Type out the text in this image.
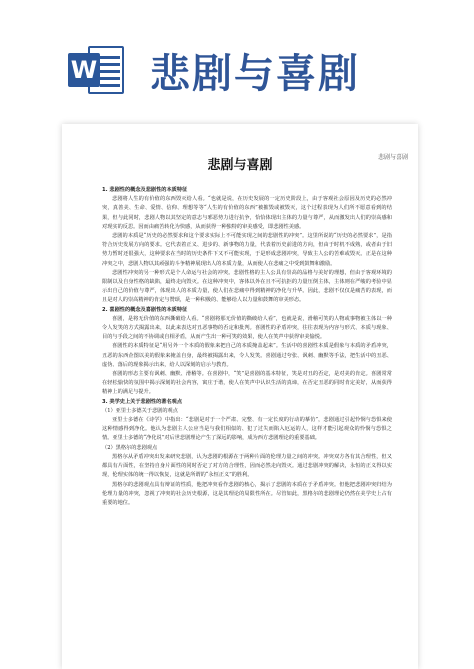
W 悲剧与喜剧
悲剧与喜剧
悲剧与喜剧

1. 悲剧性的概念及悲剧性的本质特征

悲剧将人生的有价值的东西毁灭给人看。“也就是说，在历史发展的一定历史阶段上，由于客观社会原因及历史的必然冲突，真善美、生命、爱情、信仰、理想等等“人生的有价值的东西”被摧毁或被毁灭，这个过程表现为人们所不愿意看到的结果，但与此同时，悲剧人物以其坚定的意志与邪恶势力进行抗争，恰恰体现出主体的力量与尊严，从而激发出人们的崇高感和对现实的反思。因而由痛苦转化为快感，从而获得一种独特的审美感受，即悲剧性美感。

悲剧的本质是“历史的必然要求和这个要求实际上不可能实现之间的悲剧性的冲突”。这里所说的“历史的必然要求”，是指符合历史发展方向的要求。它代表着正义、进步的、新事物的力量，代表着历史前进的方向，但由于时机不成熟，或者由于旧势力暂时还很强大，这种要求在当时的历史条件下又不可能实现，于是形成悲剧冲突，导致主人公的苦难或毁灭。正是在这种冲突之中，悲剧人物以其顽强的斗争精神展现出人的本质力量，从而使人在悲痛之中受到鼓舞和激励。

悲剧性冲突的另一种形式是个人命运与社会的冲突。悲剧性格的主人公具有崇高的品格与美好的理想，但由于客观环境的限制以及自身性格的缺陷，最终走向毁灭。在这种冲突中，客体以外在且不可抗拒的力量压倒主体，主体则在严峻的考验中显示出自己的价值与尊严，体现出人的本质力量，使人们在悲痛中得到精神的净化与升华。因此，悲剧不仅仅是痛苦的表现，而且是对人的崇高精神的肯定与赞颂，是一种积极的、能够给人以力量和鼓舞的审美形态。

2. 喜剧性的概念及喜剧性的本质特征

喜剧，是将无价值的东西撕破给人看。“喜剧将那无价值的撕破给人看”，也就是说，滑稽可笑的人物或事物被主体以一种令人发笑的方式揭露出来，以此来表达对丑恶事物的否定和批判。喜剧性的矛盾冲突，往往表现为内容与形式、本质与现象、目的与手段之间的不协调或自相矛盾，从而产生出一种可笑的效果，使人在笑声中获得审美愉悦。

喜剧性的本质特征是“用另外一个本质的假象来把自己的本质掩盖起来”。生活中的喜剧性本质是假象与本质的矛盾冲突，丑恶的东西企图以美的假象来掩盖自身，最终被揭露出来，令人发笑。喜剧通过夸张、讽刺、幽默等手法，把生活中的丑恶、虚伪、落后的现象揭示出来，给人以深刻的启示与教育。

喜剧的形态主要有讽刺、幽默、滑稽等。在喜剧中，“笑”是喜剧的基本特征，笑是对丑的否定，是对美的肯定。喜剧常常在轻松愉快的氛围中揭示深刻的社会内容，寓庄于谐，使人在笑声中认识生活的真谛，在否定丑恶的同时肯定美好，从而获得精神上的满足与提升。

3. 美学史上关于悲剧性的著名观点

（1）亚里士多德关于悲剧的观点

亚里士多德在《诗学》中指出：“悲剧是对于一个严肃、完整、有一定长度的行动的摹仿”，悲剧通过引起怜悯与恐惧来使这种情感得到净化。他认为悲剧主人公应当是与我们相似的、犯了过失而陷入厄运的人，这样才能引起观众的怜悯与恐惧之情。亚里士多德的“净化说”对后世悲剧理论产生了深远的影响，成为西方悲剧理论的重要基础。

（2）黑格尔的悲剧观点

黑格尔从矛盾冲突出发来研究悲剧，认为悲剧的根源在于两种片面的伦理力量之间的冲突。冲突双方各有其合理性，但又都具有片面性，在坚持自身片面性的同时否定了对方的合理性，因而必然走向毁灭。通过悲剧冲突的解决，永恒的正义得以实现，伦理实体的统一得以恢复，这就是所谓的“永恒正义”的胜利。

黑格尔的悲剧观点具有辩证的性质，他把冲突看作悲剧的核心，揭示了悲剧的本质在于矛盾冲突。但他把悲剧冲突归结为伦理力量的冲突，忽视了冲突的社会历史根源，这是其理论的局限性所在。尽管如此，黑格尔的悲剧理论仍然在美学史上占有重要的地位。
